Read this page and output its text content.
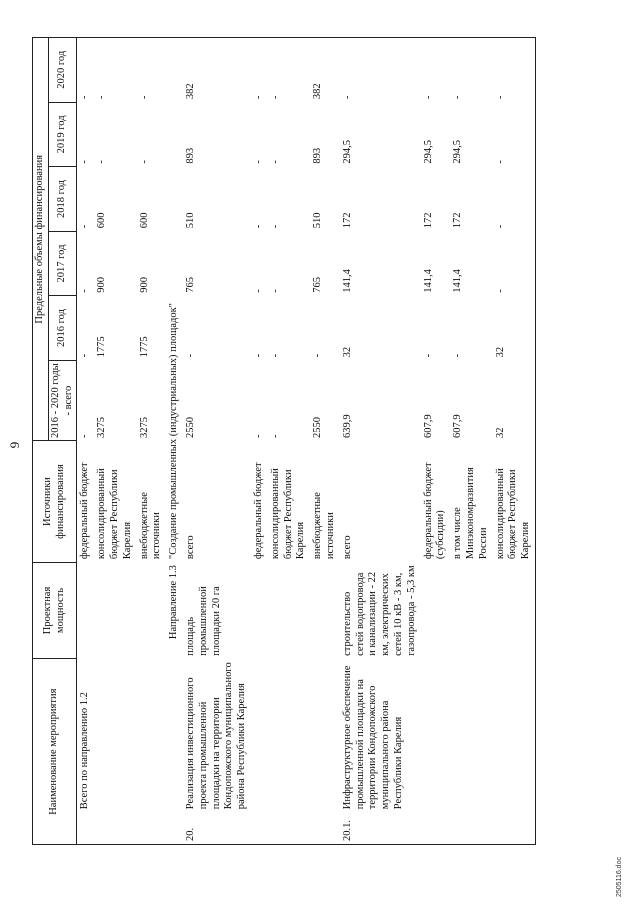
9
Наименование мероприятия		Проектная мощность	Источники финансирования	Предельные объемы финансирования					
				2016 - 2020 годы - всего	2016 год	2017 год	2018 год	2019 год	2020 год
	Всего по направлению 1.2		федеральный бюджет	-	-	-	-	-	-
			консолидированный бюджет Республики Карелия	3275	1775	900	600	-	-
			внебюджетные источники	3275	1775	900	600	-	-
		Направление 1.3	"Создание промышленных (индустриальных) площадок"						
20.	Реализация инвестиционного проекта промышленной площадки на территории Кондопожского муниципального района Республики Карелия	площадь промышленной площадки 20 га	всего	2550	-	765	510	893	382
			федеральный бюджет	-	-	-	-	-	-
			консолидированный бюджет Республики Карелия	-	-	-	-	-	-
			внебюджетные источники	2550	-	765	510	893	382
20.1.	Инфраструктурное обеспечение промышленной площадки на территории Кондопожского муниципального района Республики Карелия	строительство сетей водопровода и канализации - 22 км, электрических сетей 10 кВ - 3 км, газопровода - 5,3 км	всего	639,9	32	141,4	172	294,5	-
			федеральный бюджет (субсидии)	607,9	-	141,4	172	294,5	-
			в том числе Минэкономразвития России	607,9	-	141,4	172	294,5	-
			консолидированный бюджет Республики Карелия	32	32	-	-	-	-
2505116.doc
